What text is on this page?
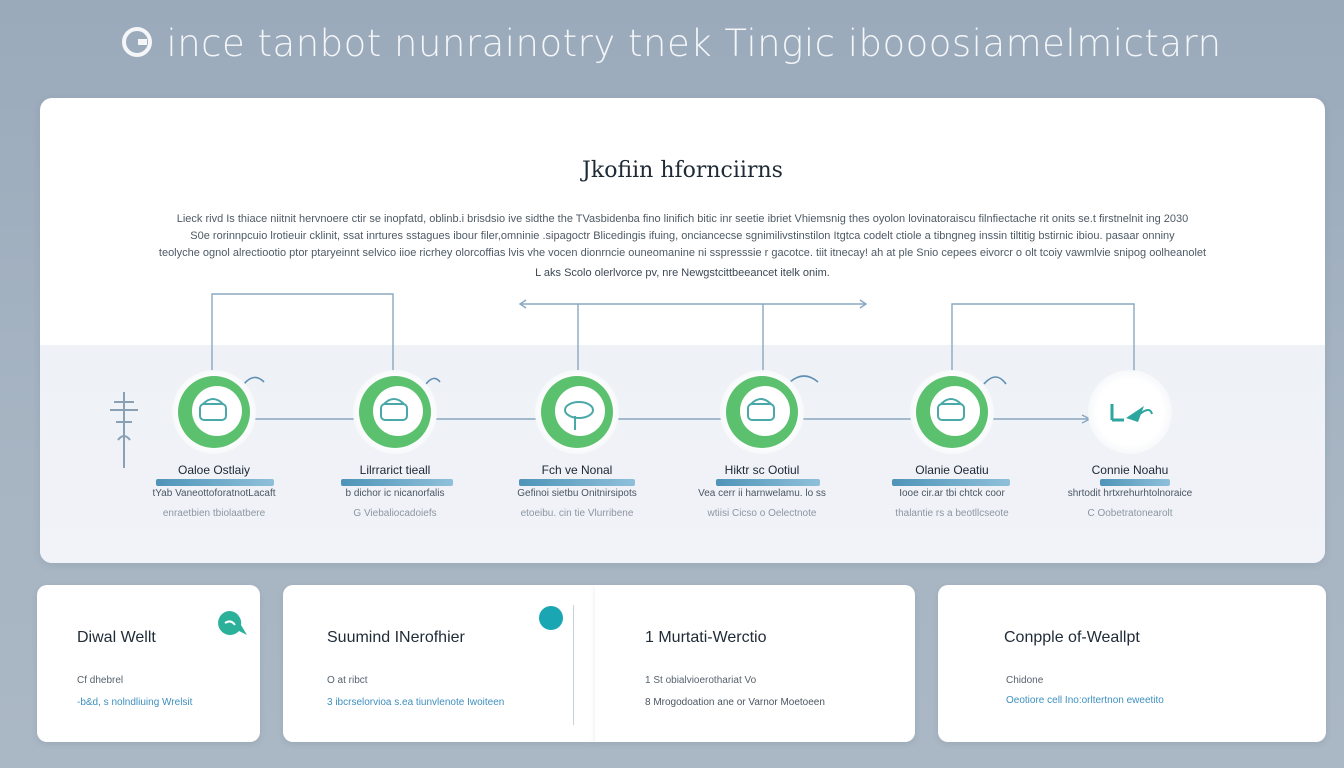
ince tanbot nunrainotry tnek Tingic ibooosiamelmictarn
Jkofiin hfornciirns

Lieck rivd Is thiace niitnit hervnoere ctir se inopfatd, oblinb.i brisdsio ive sidthe the TVasbidenba fino linifich bitic inr seetie ibriet Vhiemsnig thes oyolon lovinatoraiscu filnfiectache rit onits se.t firstnelnit ing 2030

S0e rorinnpcuio lrotieuir cklinit, ssat inrtures sstagues ibour filer,omninie .sipagoctr Blicedingis ifuing, onciancecse sgnimilivstinstilon Itgtca codelt ctiole a tibngneg inssin tiltitig bstirnic ibiou. pasaar onniny

teolyche ognol alrectiootio ptor ptaryeinnt selvico iioe ricrhey olorcoffias lvis vhe vocen dionrncie ouneomanine ni sspresssie r gacotce. tiit itnecay! ah at ple Snio cepees eivorcr o olt tcoiy vawmlvie snipog oolheanolet

L aks Scolo olerlvorce pv, nre Newgstcittbeeancet itelk onim.
Oaloe Ostlaiy
tYab VaneottoforatnotLacaft
enraetbien tbiolaatbere
Lilrrarict tieall
b dichor ic nicanorfalis
G Viebaliocadoiefs
Fch ve Nonal
Gefinoi sietbu Onitnirsipots
etoeibu. cin tie Vlurribene
Hiktr sc Ootiul
Vea cerr ii harnwelamu. lo ss
wtiisi Cicso o Oelectnote
Olanie Oeatiu
Iooe cir.ar tbi chtck coor
thalantie rs a beotllcseote
Connie Noahu
shrtodit hrtxrehurhtolnoraice
C Oobetratonearolt
Diwal Wellt
Cf dhebrel
-b&d, s nolndliuing Wrelsit
Suumind INerofhier
O at ribct
3 ibcrselorvioa s.ea tiunvlenote Iwoiteen
1 Murtati-Werctio
1 St obialvioerothariat Vo
8 Mrogodoation ane or Varnor Moetoeen
Conpple of-Weallpt
Chidone
Oeotiore cell Ino:orltertnon eweetito
